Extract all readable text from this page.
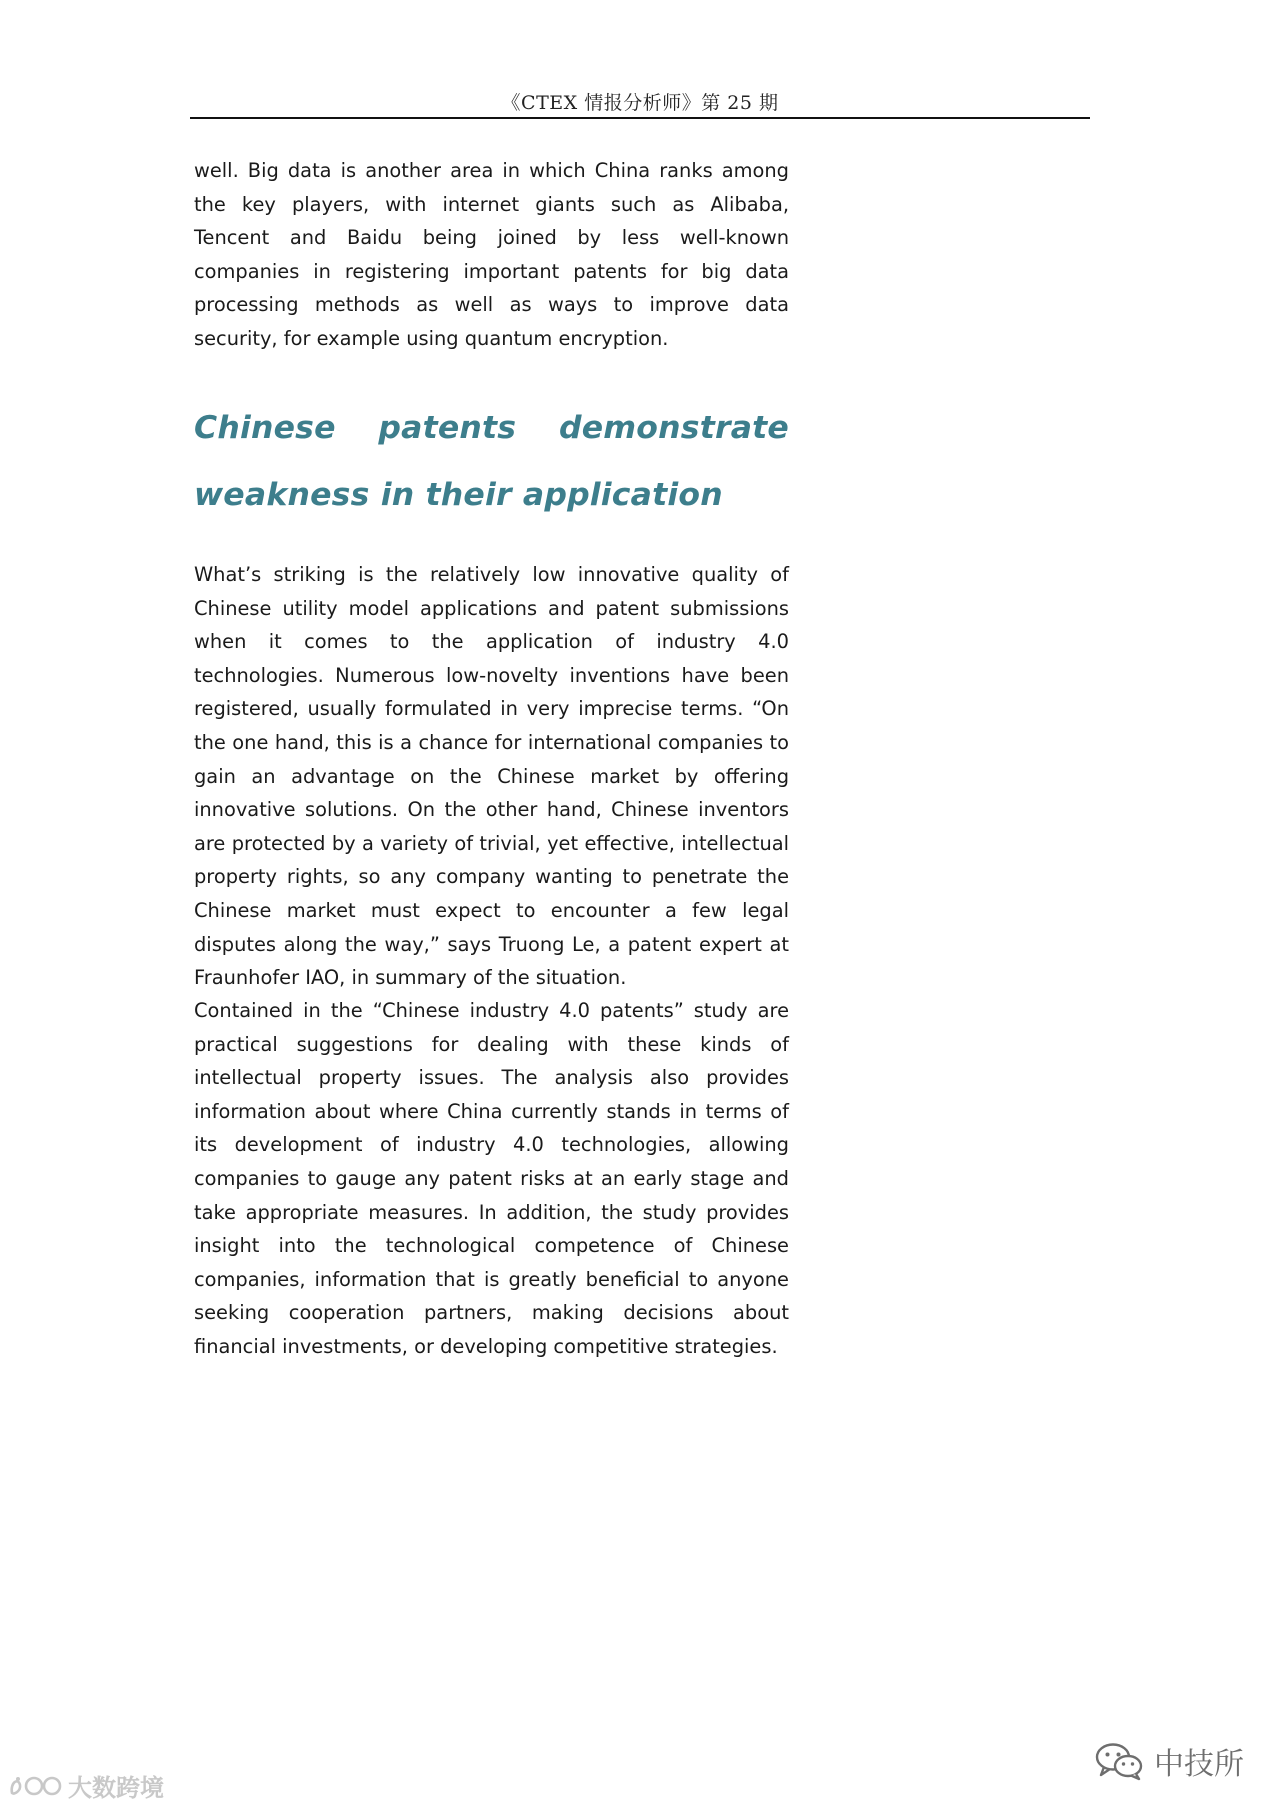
《CTEX 情报分析师》第 25 期

well. Big data is another area in which China ranks among the key players, with internet giants such as Alibaba, Tencent and Baidu being joined by less well-known companies in registering important patents for big data processing methods as well as ways to improve data security, for example using quantum encryption.

Chinese patents demonstrate weakness in their application

What’s striking is the relatively low innovative quality of Chinese utility model applications and patent submissions when it comes to the application of industry 4.0 technologies. Numerous low-novelty inventions have been registered, usually formulated in very imprecise terms. “On the one hand, this is a chance for international companies to gain an advantage on the Chinese market by offering innovative solutions. On the other hand, Chinese inventors are protected by a variety of trivial, yet effective, intellectual property rights, so any company wanting to penetrate the Chinese market must expect to encounter a few legal disputes along the way,” says Truong Le, a patent expert at Fraunhofer IAO, in summary of the situation.

Contained in the “Chinese industry 4.0 patents” study are practical suggestions for dealing with these kinds of intellectual property issues. The analysis also provides information about where China currently stands in terms of its development of industry 4.0 technologies, allowing companies to gauge any patent risks at an early stage and take appropriate measures. In addition, the study provides insight into the technological competence of Chinese companies, information that is greatly beneficial to anyone seeking cooperation partners, making decisions about financial investments, or developing competitive strategies.

中技所
大数跨境
